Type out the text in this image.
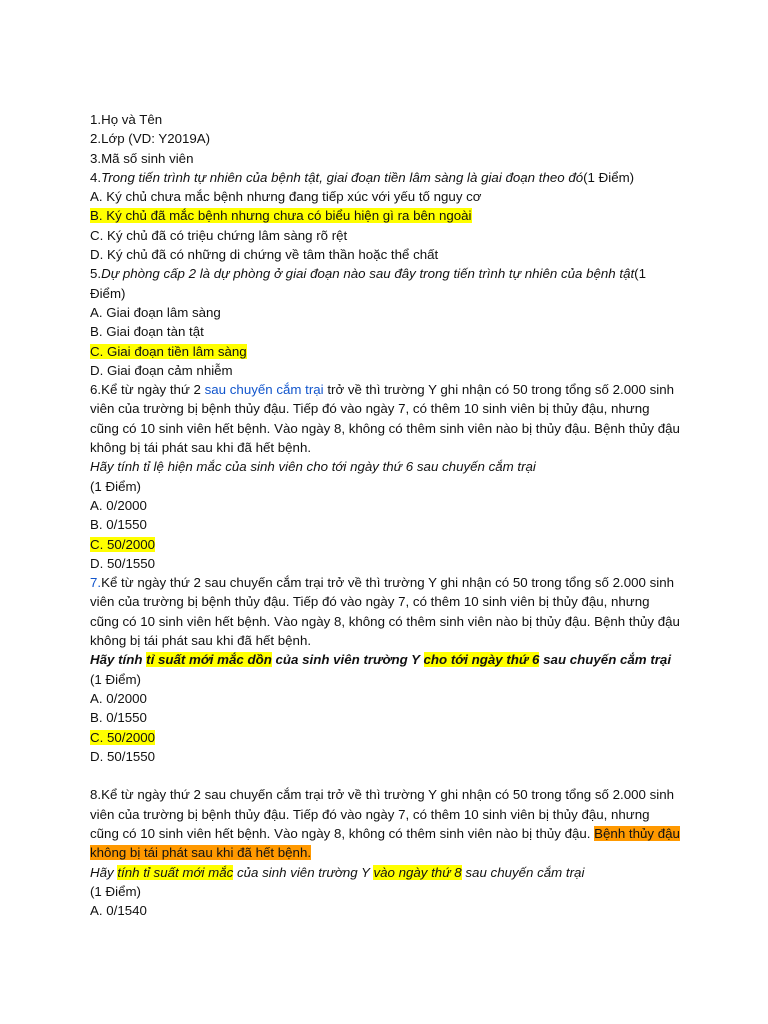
1.Họ và Tên
2.Lớp (VD: Y2019A)
3.Mã số sinh viên
4.Trong tiến trình tự nhiên của bệnh tật, giai đoạn tiền lâm sàng là giai đoạn theo đó(1 Điểm)
A. Ký chủ chưa mắc bệnh nhưng đang tiếp xúc với yếu tố nguy cơ
B. Ký chủ đã mắc bệnh nhưng chưa có biểu hiện gì ra bên ngoài
C. Ký chủ đã có triệu chứng lâm sàng rõ rệt
D. Ký chủ đã có những di chứng về tâm thần hoặc thể chất
5.Dự phòng cấp 2 là dự phòng ở giai đoạn nào sau đây trong tiến trình tự nhiên của bệnh tật(1
Điểm)
A. Giai đoạn lâm sàng
B. Giai đoạn tàn tật
C. Giai đoạn tiền lâm sàng
D. Giai đoạn cảm nhiễm
6.Kể từ ngày thứ 2 sau chuyến cắm trại trở về thì trường Y ghi nhận có 50 trong tổng số 2.000 sinh
viên của trường bị bệnh thủy đậu. Tiếp đó vào ngày 7, có thêm 10 sinh viên bị thủy đậu, nhưng
cũng có 10 sinh viên hết bệnh. Vào ngày 8, không có thêm sinh viên nào bị thủy đậu. Bệnh thủy đậu
không bị tái phát sau khi đã hết bệnh.
Hãy tính tỉ lệ hiện mắc của sinh viên cho tới ngày thứ 6 sau chuyến cắm trại
(1 Điểm)
A. 0/2000
B. 0/1550
C. 50/2000
D. 50/1550
7.Kể từ ngày thứ 2 sau chuyến cắm trại trở về thì trường Y ghi nhận có 50 trong tổng số 2.000 sinh
viên của trường bị bệnh thủy đậu. Tiếp đó vào ngày 7, có thêm 10 sinh viên bị thủy đậu, nhưng
cũng có 10 sinh viên hết bệnh. Vào ngày 8, không có thêm sinh viên nào bị thủy đậu. Bệnh thủy đậu
không bị tái phát sau khi đã hết bệnh.
Hãy tính tỉ suất mới mắc dồn của sinh viên trường Y cho tới ngày thứ 6 sau chuyến cắm trại
(1 Điểm)
A. 0/2000
B. 0/1550
C. 50/2000
D. 50/1550
8.Kể từ ngày thứ 2 sau chuyến cắm trại trở về thì trường Y ghi nhận có 50 trong tổng số 2.000 sinh
viên của trường bị bệnh thủy đậu. Tiếp đó vào ngày 7, có thêm 10 sinh viên bị thủy đậu, nhưng
cũng có 10 sinh viên hết bệnh. Vào ngày 8, không có thêm sinh viên nào bị thủy đậu. Bệnh thủy đậu
không bị tái phát sau khi đã hết bệnh.
Hãy tính tỉ suất mới mắc của sinh viên trường Y vào ngày thứ 8 sau chuyến cắm trại
(1 Điểm)
A. 0/1540
